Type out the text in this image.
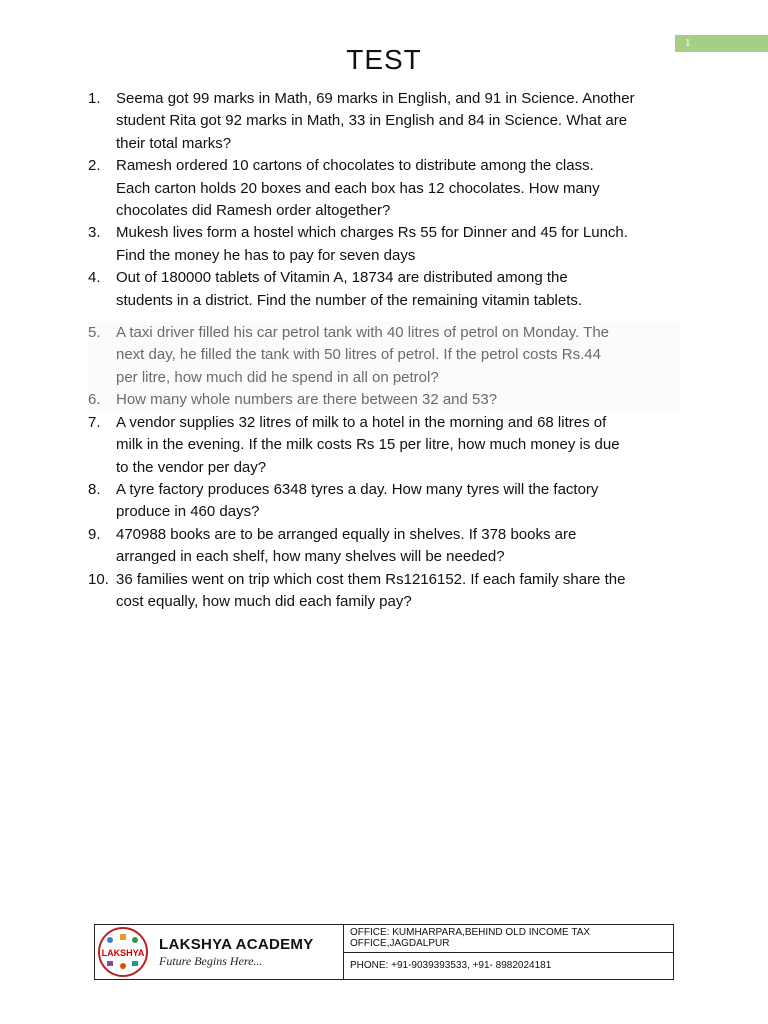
1
TEST
1. Seema got 99 marks in Math, 69 marks in English, and 91 in Science. Another
student Rita got 92 marks in Math, 33 in English and 84 in Science. What are
their total marks?
2. Ramesh ordered 10 cartons of chocolates to distribute among the class.
Each carton holds 20 boxes and each box has 12 chocolates. How many
chocolates did Ramesh order altogether?
3. Mukesh lives form a hostel which charges Rs 55 for Dinner and 45 for Lunch.
Find the money he has to pay for seven days
4. Out of 180000 tablets of Vitamin A, 18734 are distributed among the
students in a district. Find the number of the remaining vitamin tablets.
5. A taxi driver filled his car petrol tank with 40 litres of petrol on Monday. The
next day, he filled the tank with 50 litres of petrol. If the petrol costs Rs.44
per litre, how much did he spend in all on petrol?
6. How many whole numbers are there between 32 and 53?
7. A vendor supplies 32 litres of milk to a hotel in the morning and 68 litres of
milk in the evening. If the milk costs Rs 15 per litre, how much money is due
to the vendor per day?
8. A tyre factory produces 6348 tyres a day. How many tyres will the factory
produce in 460 days?
9. 470988 books are to be arranged equally in shelves. If 378 books are
arranged in each shelf, how many shelves will be needed?
10. 36 families went on trip which cost them Rs1216152. If each family share the
cost equally, how much did each family pay?
LAKSHYA
LAKSHYA ACADEMY
Future Begins Here...
OFFICE: KUMHARPARA,BEHIND OLD INCOME TAX OFFICE,JAGDALPUR
PHONE: +91-9039393533, +91- 8982024181
